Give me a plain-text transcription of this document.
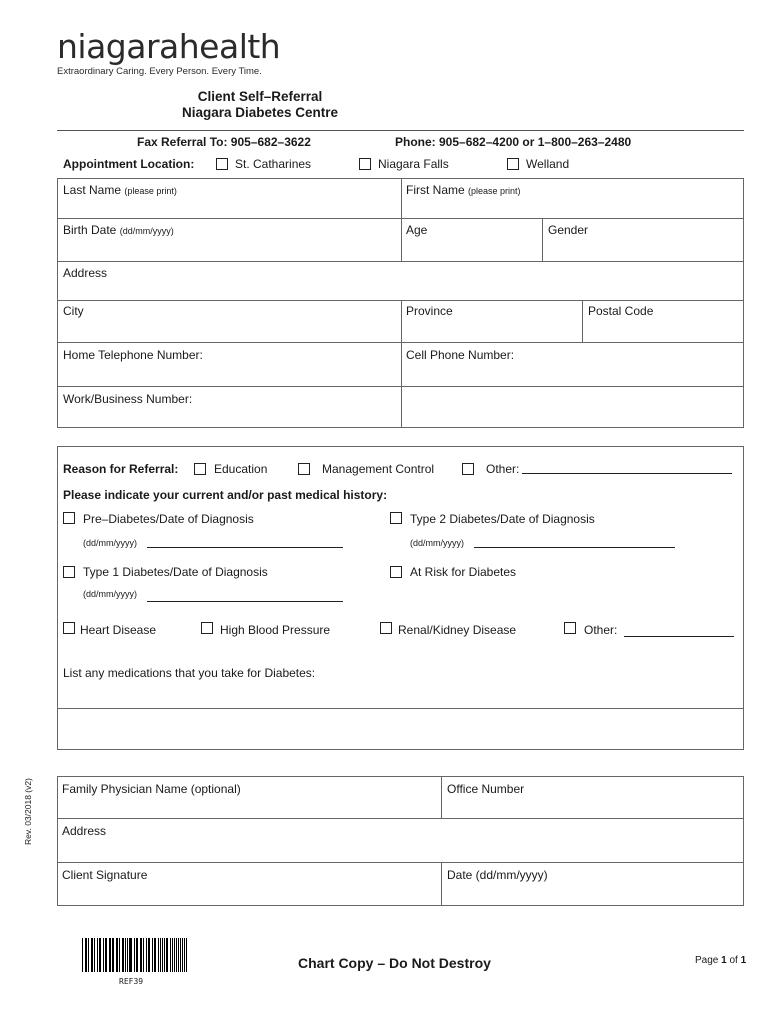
niagarahealth
Extraordinary Caring. Every Person. Every Time.
Client Self–Referral
Niagara Diabetes Centre
Fax Referral To: 905–682–3622	Phone: 905–682–4200 or 1–800–263–2480
Appointment Location:	St. Catharines	Niagara Falls	Welland
Last Name (please print)	First Name (please print)
Birth Date (dd/mm/yyyy)	Age	Gender
Address
City	Province	Postal Code
Home Telephone Number:	Cell Phone Number:
Work/Business Number:
Reason for Referral:	Education	Management Control	Other:
Please indicate your current and/or past medical history:
Pre–Diabetes/Date of Diagnosis	Type 2 Diabetes/Date of Diagnosis
(dd/mm/yyyy)	(dd/mm/yyyy)
Type 1 Diabetes/Date of Diagnosis	At Risk for Diabetes
(dd/mm/yyyy)
Heart Disease	High Blood Pressure	Renal/Kidney Disease	Other:
List any medications that you take for Diabetes:
Family Physician Name (optional)	Office Number
Address
Client Signature	Date (dd/mm/yyyy)
Rev. 03/2018 (v2)
REF39
Chart Copy – Do Not Destroy	Page 1 of 1
